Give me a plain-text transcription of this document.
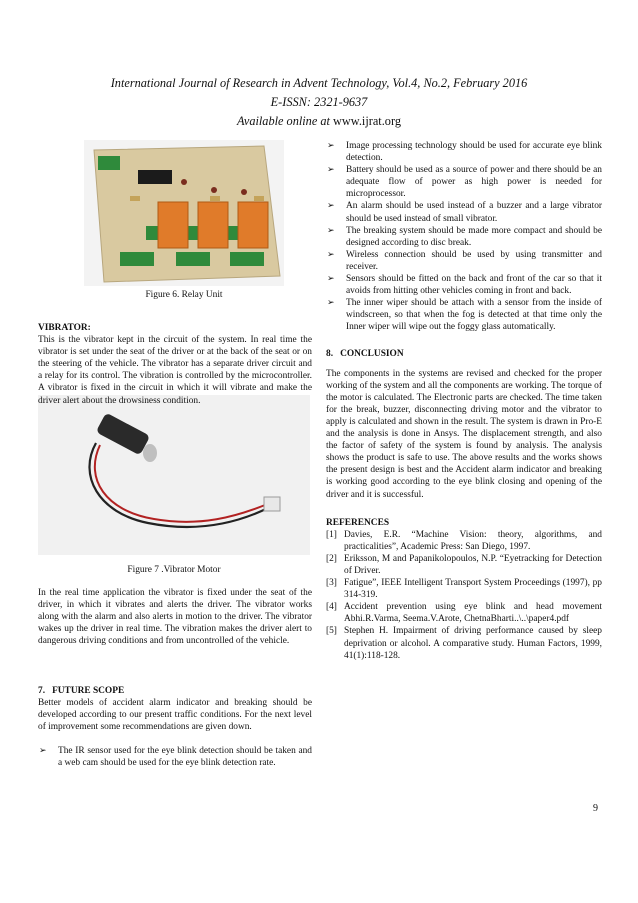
International Journal of Research in Advent Technology, Vol.4, No.2, February 2016
E-ISSN: 2321-9637
Available online at www.ijrat.org
Figure 6. Relay Unit
Figure 7 .Vibrator Motor
VIBRATOR:

This is the vibrator kept in the circuit of the system. In real time the vibrator is set under the seat of the driver or at the back of the seat or on the steering of the vehicle. The vibrator has a separate driver circuit and a relay for its control. The vibration is controlled by the microcontroller. A vibrator is fixed in the circuit in which it will vibrate and make the driver alert about the drowsiness condition.

In the real time application the vibrator is fixed under the seat of the driver, in which it vibrates and alerts the driver. The vibrator works along with the alarm and also alerts in motion to the driver. The vibrator wakes up the driver in real time. The vibration makes the driver alert to dangerous driving conditions and from uncontrolled of the vehicle.

7.   FUTURE SCOPE

Better models of accident alarm indicator and breaking should be developed according to our present traffic conditions. For the next level of improvement some recommendations are given down.

➢ The IR sensor used for the eye blink detection should be taken and a web cam should be used for the eye blink detection rate.
➢ Image processing technology should be used for accurate eye blink detection.
➢ Battery should be used as a source of power and there should be an adequate flow of power as high power is needed for microprocessor.
➢ An alarm should be used instead of a buzzer and a large vibrator should be used instead of small vibrator.
➢ The breaking system should be made more compact and should be designed according to disc break.
➢ Wireless connection should be used by using transmitter and receiver.
➢ Sensors should be fitted on the back and front of the car so that it avoids from hitting other vehicles coming in front and back.
➢ The inner wiper should be attach with a sensor from the inside of windscreen, so that when the fog is detected at that time only the Inner wiper will wipe out the foggy glass automatically.
8.   CONCLUSION

The components in the systems are revised and checked for the proper working of the system and all the components are working. The torque of the motor is calculated. The Electronic parts are checked. The time taken for the break, buzzer, disconnecting driving motor and the vibrator to apply is calculated and shown in the result. The system is drawn in Pro-E and the analysis is done in Ansys. The displacement strength, and also the factor of safety of the system is found by analysis. The analysis shows the product is safe to use. The above results and the works shows the present design is best and the Accident alarm indicator and breaking is working good according to the eye blink closing and opening of the driver and it is successful.

REFERENCES
[1] Davies, E.R. “Machine Vision: theory, algorithms, and practicalities”, Academic Press: San Diego, 1997.
[2] Eriksson, M and Papanikolopoulos, N.P. “Eyetracking for Detection of Driver.
[3] Fatigue”, IEEE Intelligent Transport System Proceedings (1997), pp 314-319.
[4] Accident prevention using eye blink and head movement Abhi.R.Varma, Seema.V.Arote, ChetnaBharti..\..\paper4.pdf
[5] Stephen H. Impairment of driving performance caused by sleep deprivation or alcohol. A comparative study. Human Factors, 1999, 41(1):118-128.
9
